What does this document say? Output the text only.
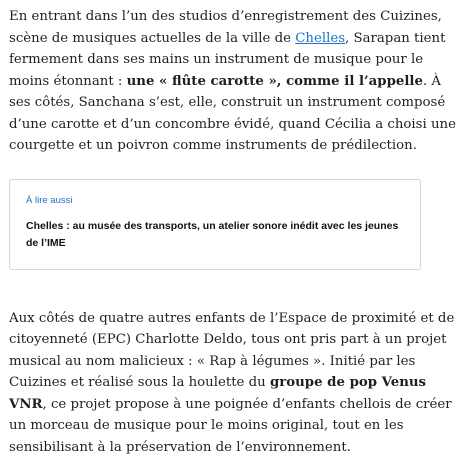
En entrant dans l’un des studios d’enregistrement des Cuizines, scène de musiques actuelles de la ville de Chelles, Sarapan tient fermement dans ses mains un instrument de musique pour le moins étonnant : une « flûte carotte », comme il l’appelle. À ses côtés, Sanchana s’est, elle, construit un instrument composé d’une carotte et d’un concombre évidé, quand Cécilia a choisi une courgette et un poivron comme instruments de prédilection.

À lire aussi
Chelles : au musée des transports, un atelier sonore inédit avec les jeunes de l’IME

Aux côtés de quatre autres enfants de l’Espace de proximité et de citoyenneté (EPC) Charlotte Deldo, tous ont pris part à un projet musical au nom malicieux : « Rap à légumes ». Initié par les Cuizines et réalisé sous la houlette du groupe de pop Venus VNR, ce projet propose à une poignée d’enfants chellois de créer un morceau de musique pour le moins original, tout en les sensibilisant à la préservation de l’environnement.
